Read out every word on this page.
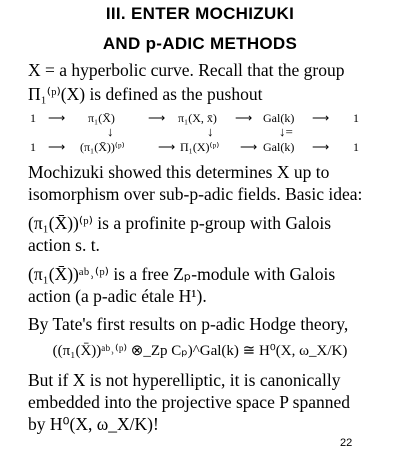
III. ENTER MOCHIZUKI
AND p-ADIC METHODS
X = a hyperbolic curve. Recall that the group
Π₁⁽ᵖ⁾(X) is defined as the pushout
1 ⟶ π₁(X̄)	⟶ π₁(X, x̄) ⟶ Gal(k) ⟶ 1
↓	↓	↓=
1 ⟶ (π₁(X̄))⁽ᵖ⁾	⟶ Π₁(X)⁽ᵖ⁾ ⟶ Gal(k) ⟶ 1
Mochizuki showed this determines X up to
isomorphism over sub-p-adic fields. Basic idea:
(π₁(X̄))⁽ᵖ⁾ is a profinite p-group with Galois
action s. t.
(π₁(X̄))ᵃᵇ˒⁽ᵖ⁾ is a free Zₚ-module with Galois
action (a p-adic étale H¹).
By Tate's first results on p-adic Hodge theory,
((π₁(X̄))ᵃᵇ˒⁽ᵖ⁾ ⊗_Zp Cₚ)^Gal(k) ≅ H⁰(X, ω_X/K)
But if X is not hyperelliptic, it is canonically
embedded into the projective space P spanned
by H⁰(X, ω_X/K)!
22
